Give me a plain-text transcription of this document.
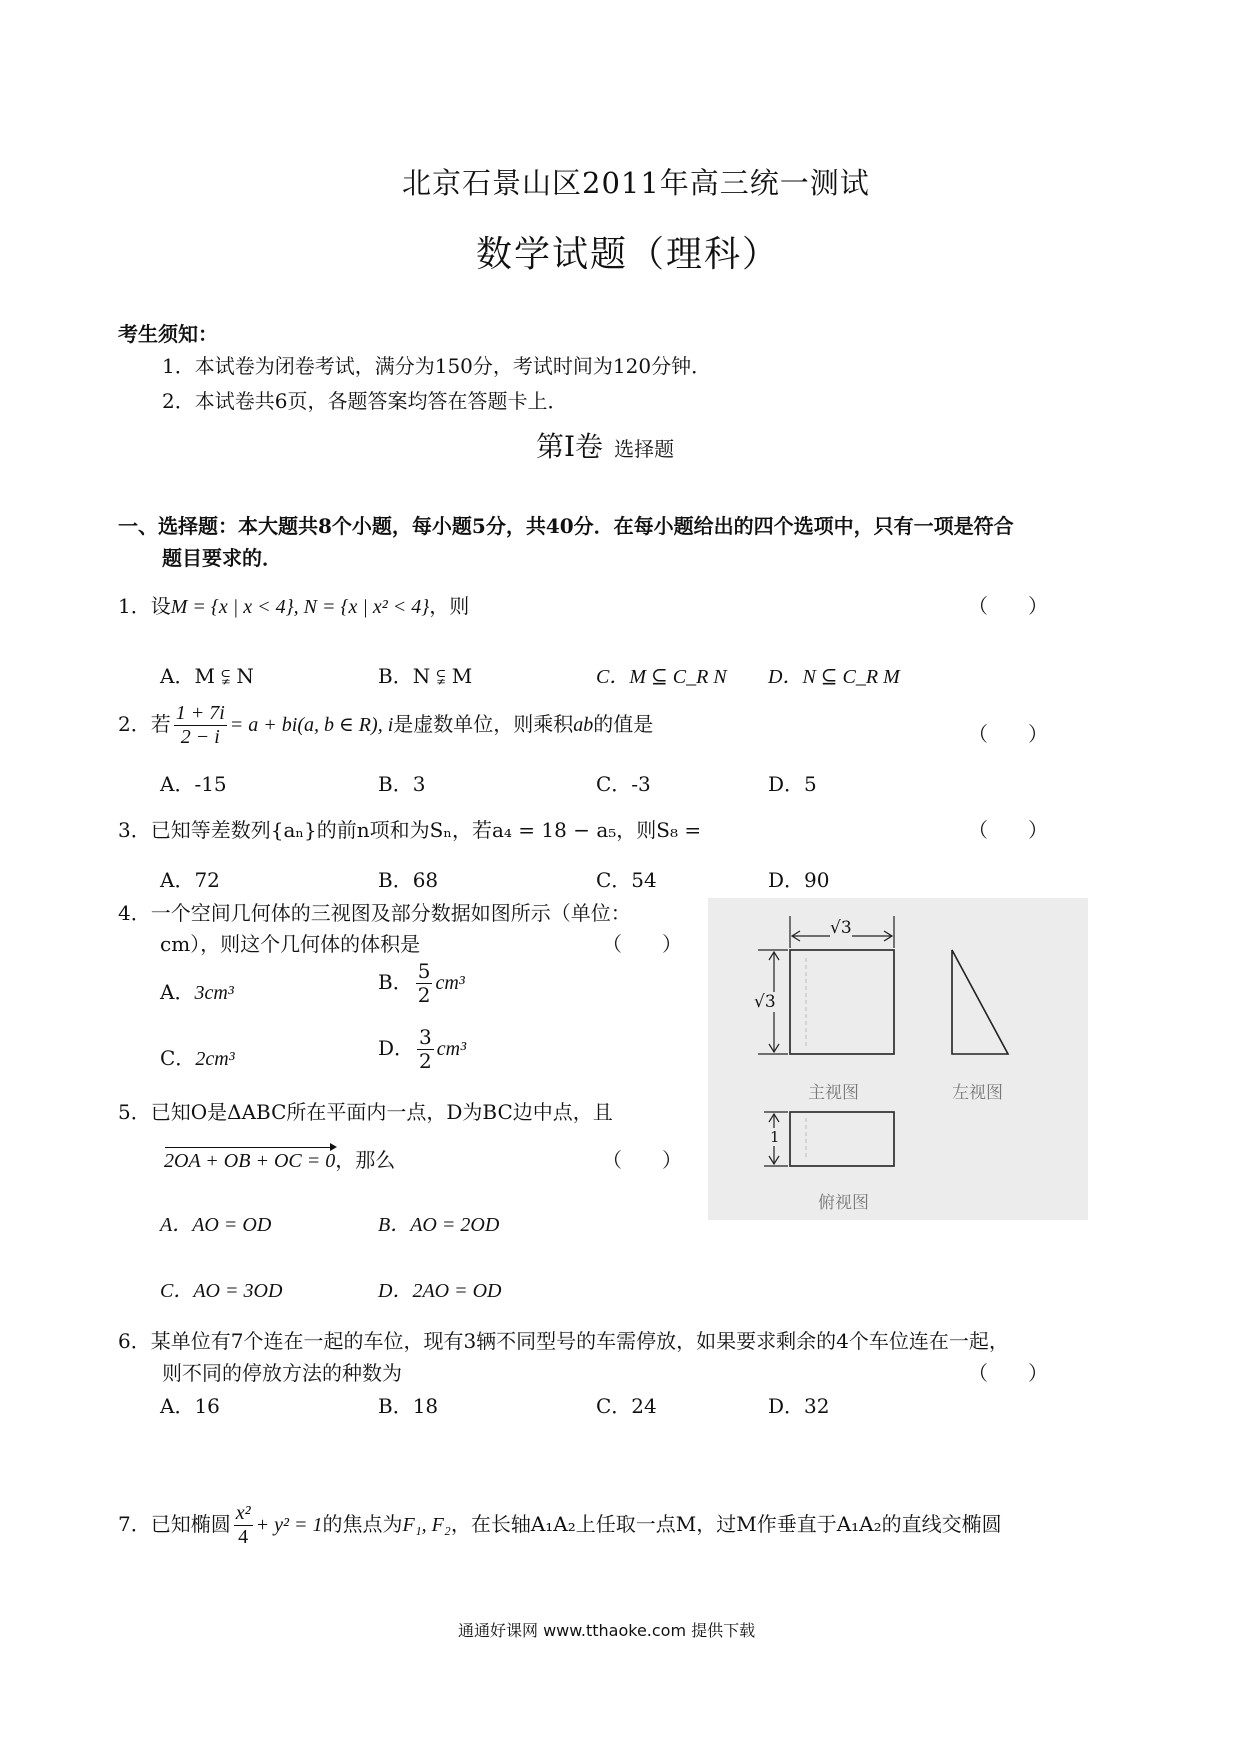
北京石景山区2011年高三统一测试
数学试题（理科）
考生须知：
1．本试卷为闭卷考试，满分为150分，考试时间为120分钟．
2．本试卷共6页，各题答案均答在答题卡上．
第Ⅰ卷 选择题
一、选择题：本大题共8个小题，每小题5分，共40分．在每小题给出的四个选项中，只有一项是符合
题目要求的．
1．设M = {x | x < 4}, N = {x | x² < 4}，则	（　　）
A．M ⫋ N	B．N ⫋ M	C．M ⊆ C_R N D．N ⊆ C_R M
2．若 $\frac{1 + 7i}{2 - i} = a + bi(a$, b ∈ R), i是虚数单位，则乘积ab的值是	（　　）
A．-15	B．3	C．-3	D．5
3．已知等差数列{aₙ}的前n项和为Sₙ，若a₄ = 18 − a₅，则S₈ =	（　　）
A．72	B．68	C．54	D．90
4．一个空间几何体的三视图及部分数据如图所示（单位：
cm），则这个几何体的体积是	（　　）
A．3cm³	B． $\frac{5}{2} cm^3$
C．2cm³	D． $\frac{3}{2} cm^3$
5．已知O是ΔABC所在平面内一点，D为BC边中点，且
2OA + OB + OC = 0，那么	（　　）
A．AO = OD	B．AO = 2OD
C．AO = 3OD	D．2AO = OD
√3
√3
1
主视图	左视图
俯视图
6．某单位有7个连在一起的车位，现有3辆不同型号的车需停放，如果要求剩余的4个车位连在一起，
则不同的停放方法的种数为	（　　）
A．16	B．18	C．24	D．32
7．已知椭圆 $\frac{\text{x²}}{4} + y^2 = 1$的焦点为F₁, F₂，在长轴A₁A₂上任取一点M，过M作垂直于A₁A₂的直线交椭圆
通通好课网 www.tthaoke.com 提供下载
